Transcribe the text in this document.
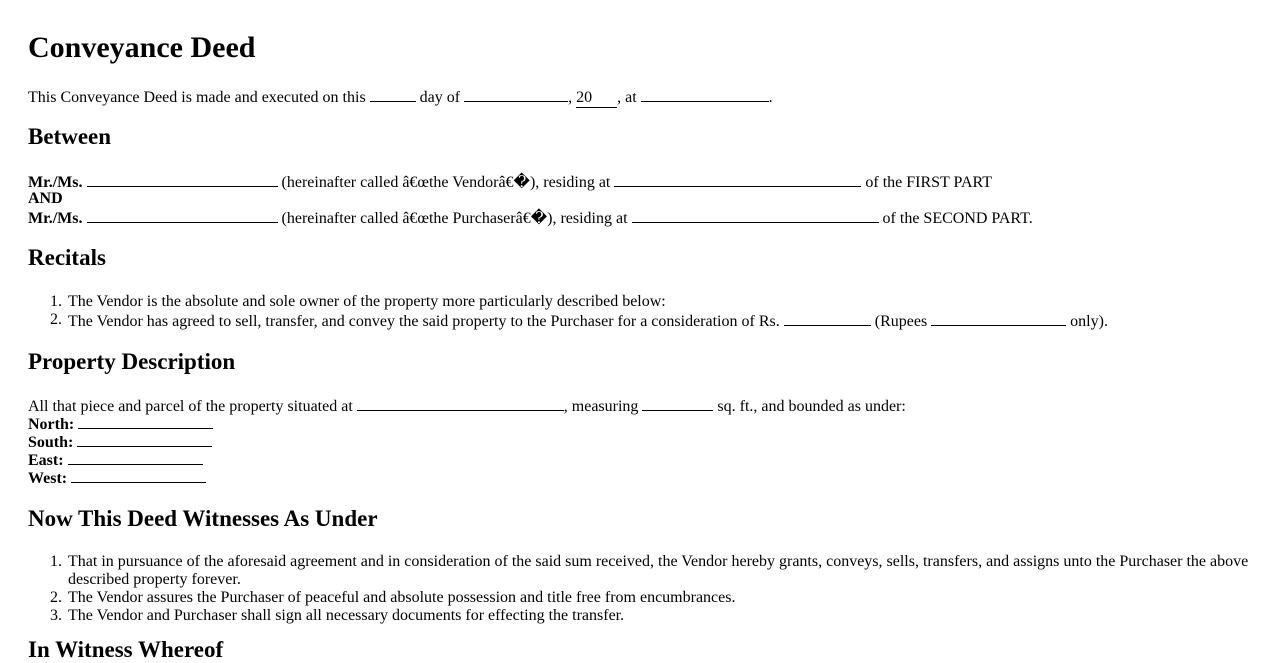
Conveyance Deed
This Conveyance Deed is made and executed on this	day of	, 20 , at	.
Between
Mr./Ms.	(hereinafter called â€œthe Vendorâ€�), residing at	of the FIRST PART
AND
Mr./Ms.	(hereinafter called â€œthe Purchaserâ€�), residing at	of the SECOND PART.
Recitals
1. The Vendor is the absolute and sole owner of the property more particularly described below:
2. The Vendor has agreed to sell, transfer, and convey the said property to the Purchaser for a consideration of Rs.	(Rupees	only).
Property Description
All that piece and parcel of the property situated at	, measuring	sq. ft., and bounded as under:
North:
South:
East:
West:
Now This Deed Witnesses As Under
1. That in pursuance of the aforesaid agreement and in consideration of the said sum received, the Vendor hereby grants, conveys, sells, transfers, and assigns unto the Purchaser the above described property forever.
2. The Vendor assures the Purchaser of peaceful and absolute possession and title free from encumbrances.
3. The Vendor and Purchaser shall sign all necessary documents for effecting the transfer.
In Witness Whereof
